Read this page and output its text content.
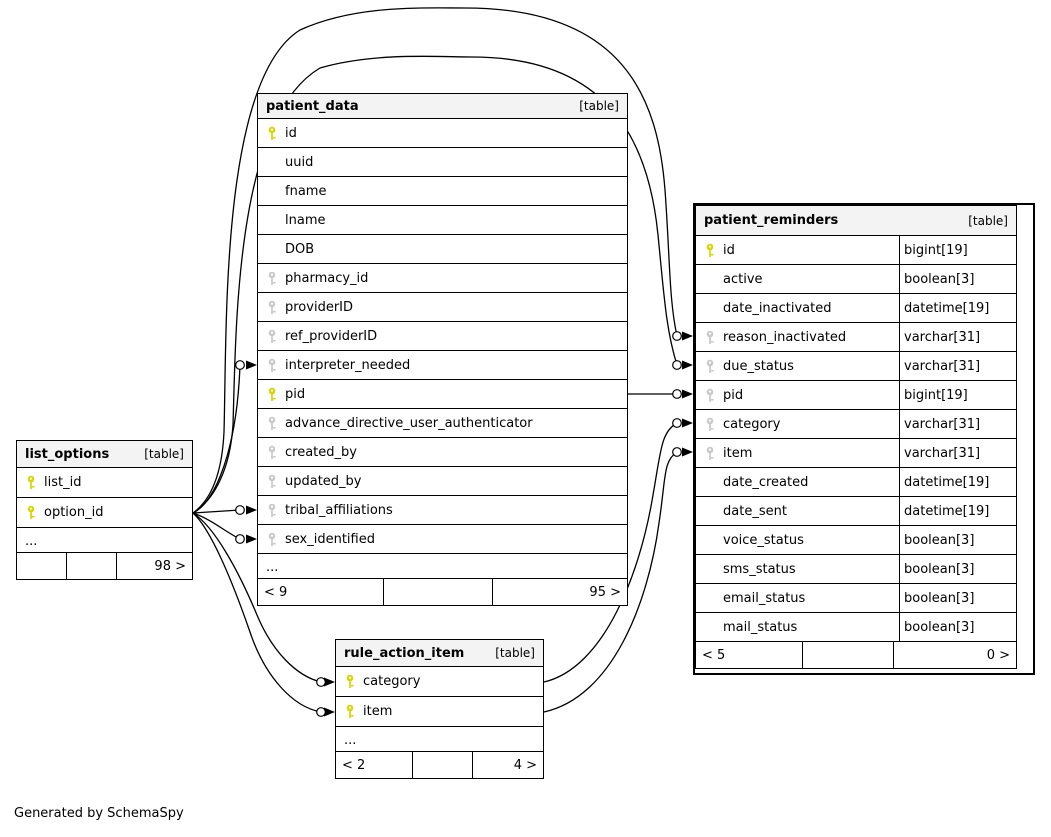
list_options	[table]
list_id
option_id
...
98 >
patient_data	[table]
id
uuid
fname
lname
DOB
pharmacy_id
providerID
ref_providerID
interpreter_needed
pid
advance_directive_user_authenticator
created_by
updated_by
tribal_affiliations
sex_identified
...
< 9	95 >
rule_action_item	[table]
category
item
...
< 2	4 >
patient_reminders	[table]
id	bigint[19]
active	boolean[3]
date_inactivated	datetime[19]
reason_inactivated	varchar[31]
due_status	varchar[31]
pid	bigint[19]
category	varchar[31]
item	varchar[31]
date_created	datetime[19]
date_sent	datetime[19]
voice_status	boolean[3]
sms_status	boolean[3]
email_status	boolean[3]
mail_status	boolean[3]
< 5	0 >
Generated by SchemaSpy
